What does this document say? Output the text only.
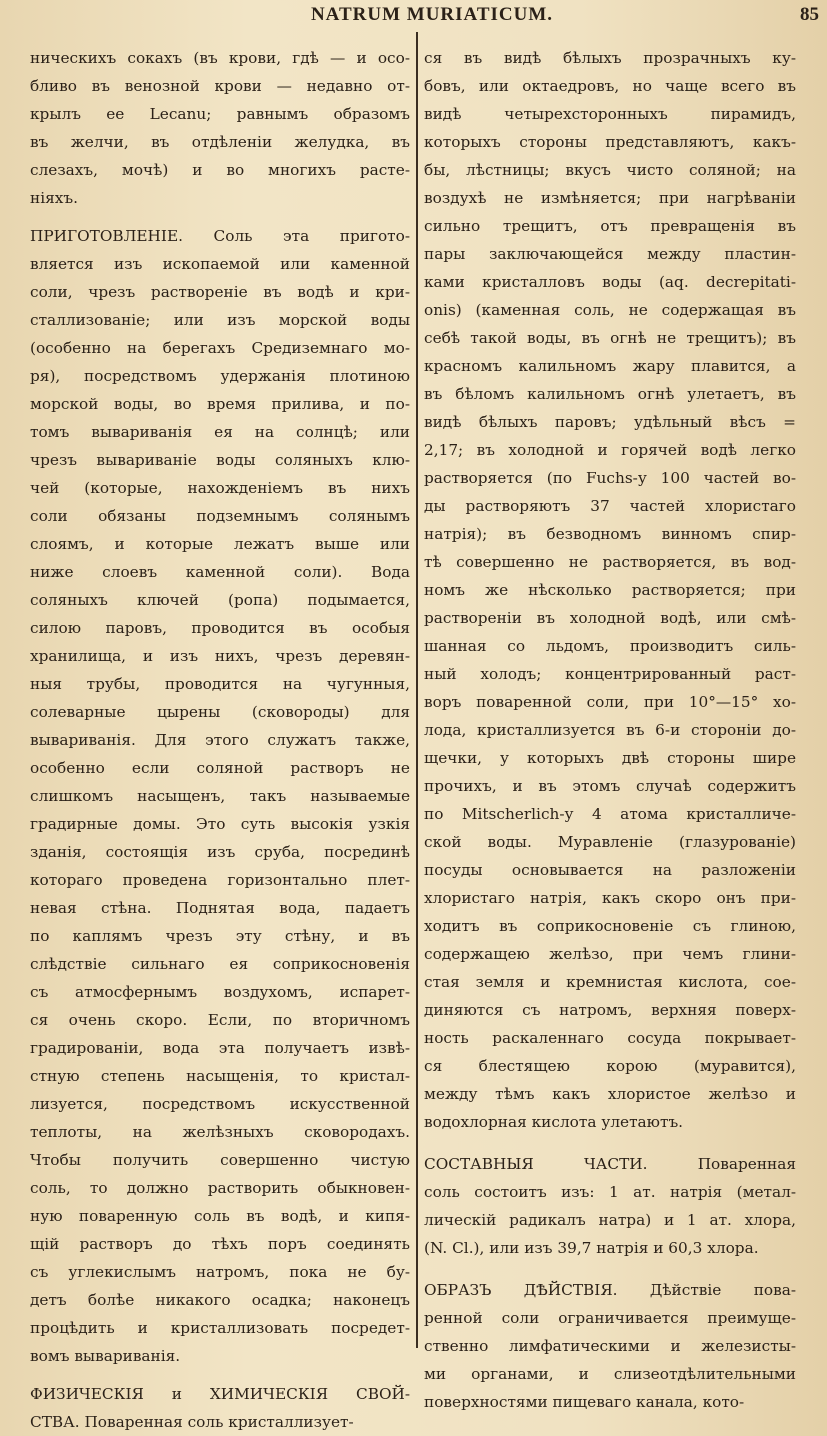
NATRUM MURIATICUM.	85
ническихъ сокахъ (въ крови, гдѣ — и осо-
бливо въ венозной крови — недавно от-
крылъ ее Lecanu; равнымъ образомъ
въ желчи, въ отдѣленіи желудка, въ
слезахъ, мочѣ) и во многихъ расте-
ніяхъ.
ПРИГОТОВЛЕНІЕ. Соль эта пригото-
вляется изъ ископаемой или каменной
соли, чрезъ раствореніе въ водѣ и кри-
сталлизованіе; или изъ морской воды
(особенно на берегахъ Средиземнаго мо-
ря), посредствомъ удержанія плотиною
морской воды, во время прилива, и по-
томъ вывариванія ея на солнцѣ; или
чрезъ вывариваніе воды соляныхъ клю-
чей (которые, нахожденіемъ въ нихъ
соли обязаны подземнымъ солянымъ
слоямъ, и которые лежатъ выше или
ниже слоевъ каменной соли). Вода
соляныхъ ключей (ропа) подымается,
силою паровъ, проводится въ особыя
хранилища, и изъ нихъ, чрезъ деревян-
ныя трубы, проводится на чугунныя,
солеварные цырены (сковороды) для
вывариванія. Для этого служатъ также,
особенно если соляной растворъ не
слишкомъ насыщенъ, такъ называемые
градирные домы. Это суть высокія узкія
зданія, состоящія изъ сруба, посрединѣ
котораго проведена горизонтально плет-
невая стѣна. Поднятая вода, падаетъ
по каплямъ чрезъ эту стѣну, и въ
слѣдствіе сильнаго ея соприкосновенія
съ атмосфернымъ воздухомъ, испарет-
ся очень скоро. Если, по вторичномъ
градированіи, вода эта получаетъ извѣ-
стную степень насыщенія, то кристал-
лизуется, посредствомъ искусственной
теплоты, на желѣзныхъ сковородахъ.
Чтобы получить совершенно чистую
соль, то должно растворить обыкновен-
ную поваренную соль въ водѣ, и кипя-
щій растворъ до тѣхъ поръ соединять
съ углекислымъ натромъ, пока не бу-
детъ болѣе никакого осадка; наконецъ
процѣдить и кристаллизовать посредет-
вомъ вывариванія.
ФИЗИЧЕСКІЯ и ХИМИЧЕСКІЯ СВОЙ-
СТВА. Поваренная соль кристаллизует-
ся въ видѣ бѣлыхъ прозрачныхъ ку-
бовъ, или октаедровъ, но чаще всего въ
видѣ четырехсторонныхъ пирамидъ,
которыхъ стороны представляютъ, какъ-
бы, лѣстницы; вкусъ чисто соляной; на
воздухѣ не измѣняется; при нагрѣваніи
сильно трещитъ, отъ превращенія въ
пары заключающейся между пластин-
ками кристалловъ воды (aq. decrepitati-
onis) (каменная соль, не содержащая въ
себѣ такой воды, въ огнѣ не трещитъ); въ
красномъ калильномъ жару плавится, а
въ бѣломъ калильномъ огнѣ улетаетъ, въ
видѣ бѣлыхъ паровъ; удѣльный вѣсъ =
2,17; въ холодной и горячей водѣ легко
растворяется (по Fuchs-у 100 частей во-
ды растворяютъ 37 частей хлористаго
натрія); въ безводномъ винномъ спир-
тѣ совершенно не растворяется, въ вод-
номъ же нѣсколько растворяется; при
раствореніи въ холодной водѣ, или смѣ-
шанная со льдомъ, производитъ силь-
ный холодъ; концентрированный раст-
воръ поваренной соли, при 10°—15° хо-
лода, кристаллизуется въ 6-и стороніи до-
щечки, у которыхъ двѣ стороны шире
прочихъ, и въ этомъ случаѣ содержитъ
по Mitscherlich-у 4 атома кристалличе-
ской воды. Муравленіе (глазурованіе)
посуды основывается на разложеніи
хлористаго натрія, какъ скоро онъ при-
ходитъ въ соприкосновеніе съ глиною,
содержащею желѣзо, при чемъ глини-
стая земля и кремнистая кислота, сое-
диняются съ натромъ, верхняя поверх-
ность раскаленнаго сосуда покрывает-
ся блестящею корою (муравится),
между тѣмъ какъ хлористое желѣзо и
водохлорная кислота улетаютъ.
СОСТАВНЫЯ ЧАСТИ. Поваренная
соль состоитъ изъ: 1 ат. натрія (метал-
лическій радикалъ натра) и 1 ат. хлора,
(N. Cl.), или изъ 39,7 натрія и 60,3 хлора.
ОБРАЗЪ ДѢЙСТВІЯ. Дѣйствіе пова-
ренной соли ограничивается преимуще-
ственно лимфатическими и железисты-
ми органами, и слизеотдѣлительными
поверхностями пищеваго канала, кото-
